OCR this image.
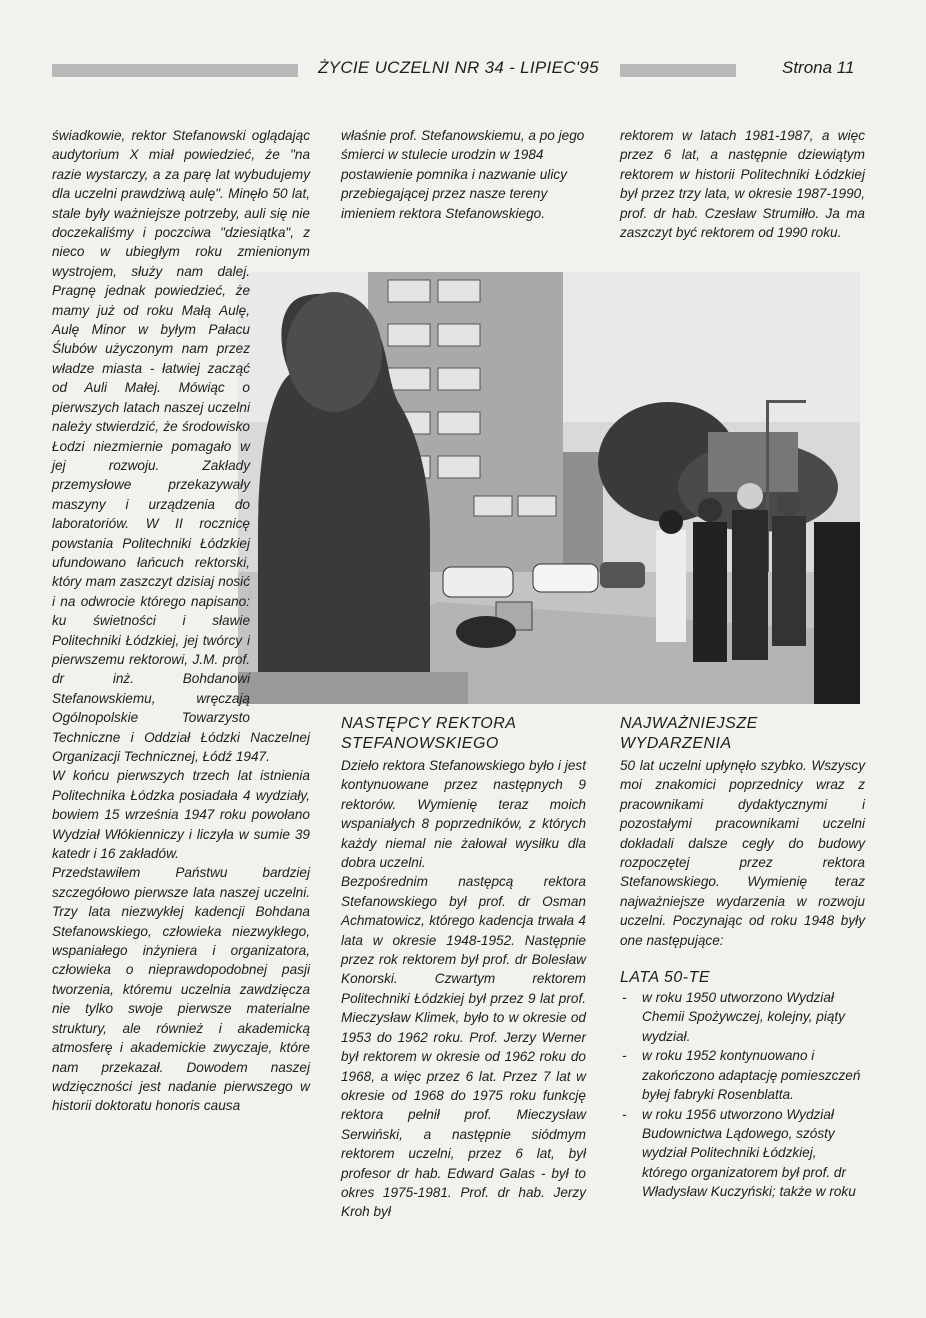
ŻYCIE UCZELNI NR 34 - LIPIEC'95	Strona 11

świadkowie, rektor Stefanowski oglądając audytorium X miał powiedzieć, że "na razie wystarczy, a za parę lat wybudujemy dla uczelni prawdziwą aulę". Minęło 50 lat, stale były ważniejsze potrzeby, auli się nie doczekaliśmy i poczciwa "dziesiątka", z nieco w ubiegłym roku zmienionym wystrojem, służy nam dalej. Pragnę jednak powiedzieć, że mamy już od roku Małą Aulę, Aulę Minor w byłym Pałacu Ślubów użyczonym nam przez władze miasta - łatwiej zacząć od Auli Małej. Mówiąc o pierwszych latach naszej uczelni należy stwierdzić, że środowisko Łodzi niezmiernie pomagało w jej rozwoju. Zakłady przemysłowe przekazywały maszyny i urządzenia do laboratoriów. W II rocznicę powstania Politechniki Łódzkiej ufundowano łańcuch rektorski, który mam zaszczyt dzisiaj nosić i na odwrocie którego napisano: ku świetności i sławie Politechniki Łódzkiej, jej twórcy i pierwszemu rektorowi, J.M. prof. dr inż. Bohdanowi Stefanowskiemu, wręczają Ogólnopolskie Towarzysto Techniczne i Oddział Łódzki Naczelnej Organizacji Technicznej, Łódź 1947.

W końcu pierwszych trzech lat istnienia Politechnika Łódzka posiadała 4 wydziały, bowiem 15 września 1947 roku powołano Wydział Włókienniczy i liczyła w sumie 39 katedr i 16 zakładów.

Przedstawiłem Państwu bardziej szczegółowo pierwsze lata naszej uczelni. Trzy lata niezwykłej kadencji Bohdana Stefanowskiego, człowieka niezwykłego, wspaniałego inżyniera i organizatora, człowieka o nieprawdopodobnej pasji tworzenia, któremu uczelnia zawdzięcza nie tylko swoje pierwsze materialne struktury, ale również i akademicką atmosferę i akademickie zwyczaje, które nam przekazał. Dowodem naszej wdzięczności jest nadanie pierwszego w historii doktoratu honoris causa

właśnie prof. Stefanowskiemu, a po jego śmierci w stulecie urodzin w 1984 postawienie pomnika i nazwanie ulicy przebiegającej przez nasze tereny imieniem rektora Stefanowskiego.

rektorem w latach 1981-1987, a więc przez 6 lat, a następnie dziewiątym rektorem w historii Politechniki Łódzkiej był przez trzy lata, w okresie 1987-1990, prof. dr hab. Czesław Strumiłło. Ja ma zaszczyt być rektorem od 1990 roku.

NASTĘPCY REKTORA STEFANOWSKIEGO

Dzieło rektora Stefanowskiego było i jest kontynuowane przez następnych 9 rektorów. Wymienię teraz moich wspaniałych 8 poprzedników, z których każdy niemal nie żałował wysiłku dla dobra uczelni.

Bezpośrednim następcą rektora Stefanowskiego był prof. dr Osman Achmatowicz, którego kadencja trwała 4 lata w okresie 1948-1952. Następnie przez rok rektorem był prof. dr Bolesław Konorski. Czwartym rektorem Politechniki Łódzkiej był przez 9 lat prof. Mieczysław Klimek, było to w okresie od 1953 do 1962 roku. Prof. Jerzy Werner był rektorem w okresie od 1962 roku do 1968, a więc przez 6 lat. Przez 7 lat w okresie od 1968 do 1975 roku funkcję rektora pełnił prof. Mieczysław Serwiński, a następnie siódmym rektorem uczelni, przez 6 lat, był profesor dr hab. Edward Galas - był to okres 1975-1981. Prof. dr hab. Jerzy Kroh był

NAJWAŻNIEJSZE WYDARZENIA

50 lat uczelni upłynęło szybko. Wszyscy moi znakomici poprzednicy wraz z pracownikami dydaktycznymi i pozostałymi pracownikami uczelni dokładali dalsze cegły do budowy rozpoczętej przez rektora Stefanowskiego. Wymienię teraz najważniejsze wydarzenia w rozwoju uczelni. Poczynając od roku 1948 były one następujące:

LATA 50-TE
- w roku 1950 utworzono Wydział Chemii Spożywczej, kolejny, piąty wydział.
- w roku 1952 kontynuowano i zakończono adaptację pomieszczeń byłej fabryki Rosenblatta.
- w roku 1956 utworzono Wydział Budownictwa Lądowego, szósty wydział Politechniki Łódzkiej, którego organizatorem był prof. dr Władysław Kuczyński; także w roku
